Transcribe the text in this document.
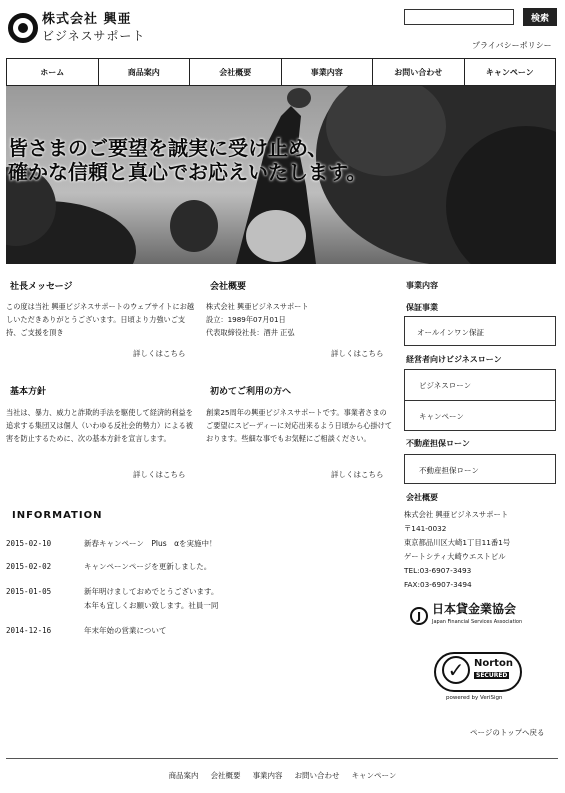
株式会社 興亜
ビジネスサポート
検索
プライバシーポリシー
ホーム	商品案内	会社概要	事業内容	お問い合わせ	キャンペーン
皆さまのご要望を誠実に受け止め、
確かな信頼と真心でお応えいたします。
社長メッセージ
この度は当社 興亜ビジネスサポートのウェブサイトにお越しいただきありがとうございます。日頃より力強いご支持、ご支援を頂き
詳しくはこちら
会社概要
株式会社 興亜ビジネスサポート
設立：1989年07月01日
代表取締役社長：酒井 正弘
詳しくはこちら
基本方針
当社は、暴力、威力と詐欺的手法を駆使して経済的利益を追求する集団又は個人（いわゆる反社会的勢力）による被害を防止するために、次の基本方針を宣言します。
詳しくはこちら
初めてご利用の方へ
創業25周年の興亜ビジネスサポートです。事業者さまのご要望にスピーディーに対応出来るよう日頃から心掛けております。些細な事でもお気軽にご相談ください。
詳しくはこちら
事業内容
保証事業
オールインワン保証
経営者向けビジネスローン
ビジネスローン
キャンペーン
不動産担保ローン
不動産担保ローン
会社概要
株式会社 興亜ビジネスサポート
〒141-0032
東京都品川区大崎1丁目11番1号
ゲートシティ大崎ウエストビル
TEL:03-6907-3493
FAX:03-6907-3494
J 日本貸金業協会
Japan Financial Services Association
✓ Norton
SECURED
powered by VeriSign
ページのトップへ戻る
INFORMATION
2015-02-10	新春キャンペーン　Plus　αを実施中！
2015-02-02	キャンペーンページを更新しました。
2015-01-05	新年明けましておめでとうございます。
本年も宜しくお願い致します。社員一同
2014-12-16	年末年始の営業について
商品案内 会社概要 事業内容 お問い合わせ キャンペーン
